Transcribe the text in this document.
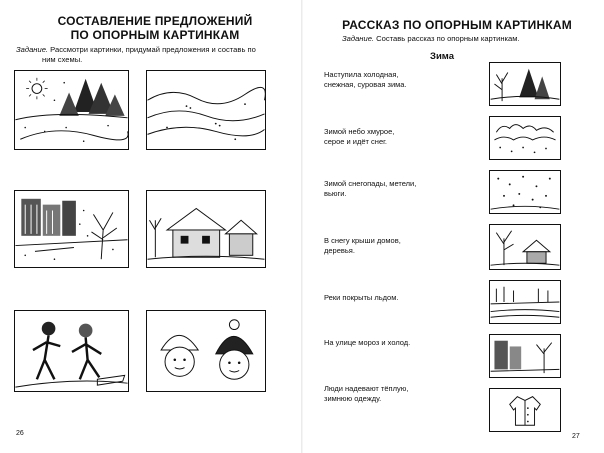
СОСТАВЛЕНИЕ ПРЕДЛОЖЕНИЙ
ПО ОПОРНЫМ КАРТИНКАМ
Задание. Рассмотри картинки, придумай предложения и составь по
ним схемы.
26
РАССКАЗ ПО ОПОРНЫМ КАРТИНКАМ
Задание. Составь рассказ по опорным картинкам.
Зима
Наступила холодная,
снежная, суровая зима.
Зимой небо хмурое,
серое и идёт снег.
Зимой снегопады, метели,
вьюги.
В снегу крыши домов,
деревья.
Реки покрыты льдом.
На улице мороз и холод.
Люди надевают тёплую,
зимнюю одежду.
27
